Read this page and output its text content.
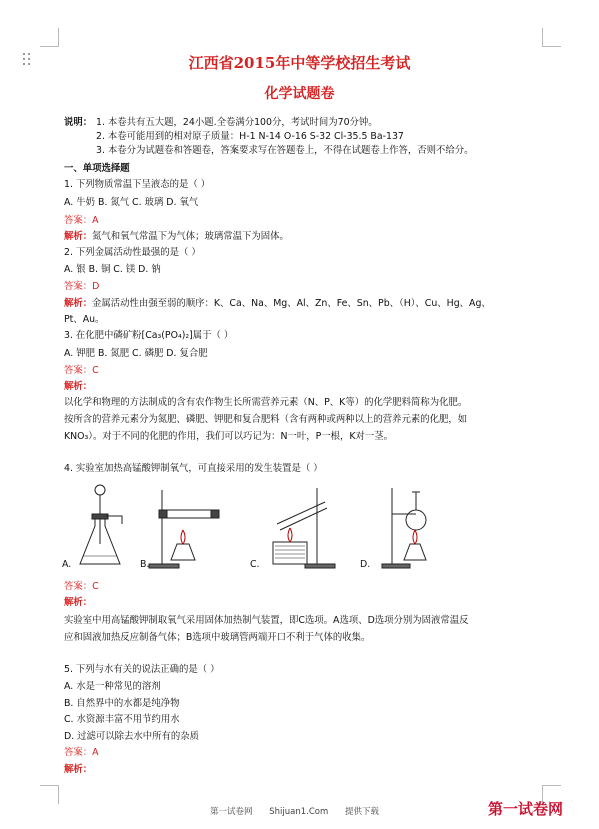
江西省2015年中等学校招生考试
化学试题卷
说明： 1. 本卷共有五大题，24小题.全卷满分100分，考试时间为70分钟。
2. 本卷可能用到的相对原子质量：H-1 N-14 O-16 S-32 Cl-35.5 Ba-137
3. 本卷分为试题卷和答题卷，答案要求写在答题卷上，不得在试题卷上作答，否则不给分。
一、单项选择题
1. 下列物质常温下呈液态的是（ ）
A. 牛奶 B. 氮气 C. 玻璃 D. 氧气
答案：A
解析： 氮气和氧气常温下为气体；玻璃常温下为固体。
2. 下列金属活动性最强的是（ ）
A. 银 B. 铜 C. 镁 D. 钠
答案：D
解析： 金属活动性由强至弱的顺序：K、Ca、Na、Mg、Al、Zn、Fe、Sn、Pb、（H）、Cu、Hg、Ag、
Pt、Au。
3. 在化肥中磷矿粉[Ca₃(PO₄)₂]属于（ ）
A. 钾肥 B. 氮肥 C. 磷肥 D. 复合肥
答案：C
解析：
以化学和物理的方法制成的含有农作物生长所需营养元素（N、P、K等）的化学肥料简称为化肥。
按所含的营养元素分为氮肥、磷肥、钾肥和复合肥料（含有两种或两种以上的营养元素的化肥，如
KNO₃）。对于不同的化肥的作用，我们可以巧记为：N一叶，P一根，K对一茎。
4. 实验室加热高锰酸钾制氧气，可直接采用的发生装置是（ ）
A.	B.	C.	D.
答案：C
解析：
实验室中用高锰酸钾制取氧气采用固体加热制气装置，即C选项。A选项、D选项分别为固液常温反
应和固液加热反应制备气体；B选项中玻璃管两端开口不利于气体的收集。
5. 下列与水有关的说法正确的是（ ）
A. 水是一种常见的溶剂
B. 自然界中的水都是纯净物
C. 水资源丰富不用节约用水
D. 过滤可以除去水中所有的杂质
答案：A
解析：
第一试卷网 Shijuan1.Com 提供下载	第一试卷网
